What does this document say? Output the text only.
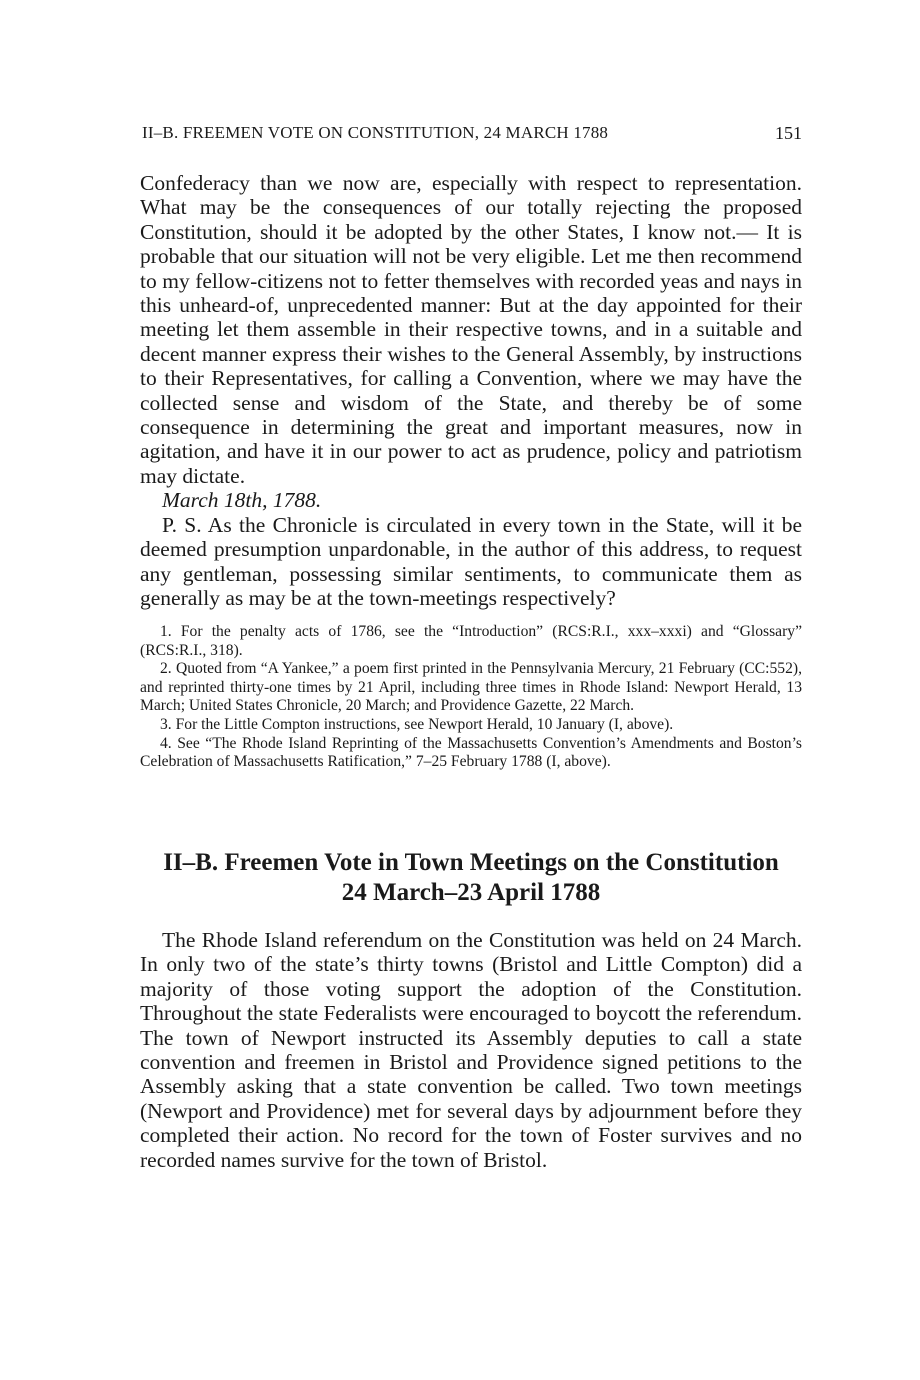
II–B. FREEMEN VOTE ON CONSTITUTION, 24 MARCH 1788	151

Confederacy than we now are, especially with respect to representation. What may be the consequences of our totally rejecting the proposed Constitution, should it be adopted by the other States, I know not.— It is probable that our situation will not be very eligible. Let me then recommend to my fellow-citizens not to fetter themselves with recorded yeas and nays in this unheard-of, unprecedented manner: But at the day appointed for their meeting let them assemble in their respective towns, and in a suitable and decent manner express their wishes to the General Assembly, by instructions to their Representatives, for calling a Convention, where we may have the collected sense and wisdom of the State, and thereby be of some consequence in determining the great and important measures, now in agitation, and have it in our power to act as prudence, policy and patriotism may dictate.

March 18th, 1788.
P. S. As the Chronicle is circulated in every town in the State, will it be deemed presumption unpardonable, in the author of this address, to request any gentleman, possessing similar sentiments, to communicate them as generally as may be at the town-meetings respectively?

1. For the penalty acts of 1786, see the “Introduction” (RCS:R.I., xxx–xxxi) and “Glossary” (RCS:R.I., 318).

2. Quoted from “A Yankee,” a poem first printed in the Pennsylvania Mercury, 21 February (CC:552), and reprinted thirty-one times by 21 April, including three times in Rhode Island: Newport Herald, 13 March; United States Chronicle, 20 March; and Providence Gazette, 22 March.

3. For the Little Compton instructions, see Newport Herald, 10 January (I, above).

4. See “The Rhode Island Reprinting of the Massachusetts Convention’s Amendments and Boston’s Celebration of Massachusetts Ratification,” 7–25 February 1788 (I, above).

II–B. Freemen Vote in Town Meetings on the Constitution
24 March–23 April 1788
The Rhode Island referendum on the Constitution was held on 24 March. In only two of the state’s thirty towns (Bristol and Little Compton) did a majority of those voting support the adoption of the Constitution. Throughout the state Federalists were encouraged to boycott the referendum. The town of Newport instructed its Assembly deputies to call a state convention and freemen in Bristol and Providence signed petitions to the Assembly asking that a state convention be called. Two town meetings (Newport and Providence) met for several days by adjournment before they completed their action. No record for the town of Foster survives and no recorded names survive for the town of Bristol.
